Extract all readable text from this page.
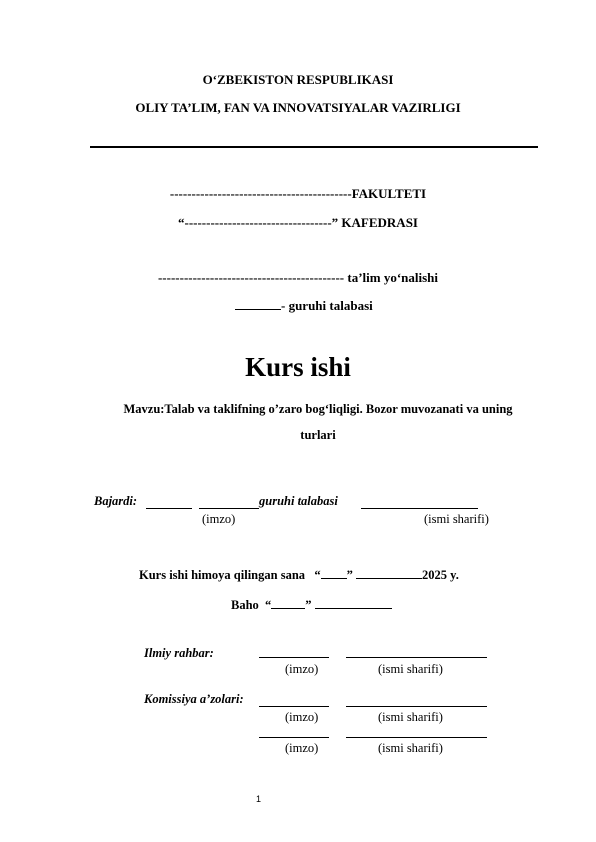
O‘ZBEKISTON RESPUBLIKASI
OLIY TA’LIM, FAN VA INNOVATSIYALAR VAZIRLIGI
------------------------------------------FAKULTETI
“----------------------------------” KAFEDRASI
------------------------------------------- ta’lim yo‘nalishi
- guruhi talabasi
Kurs ishi
Mavzu:Talab va taklifning o’zaro bog‘liqligi. Bozor muvozanati va uning
turlari
Bajardi:	guruhi talabasi
(imzo)	(ismi sharifi)
Kurs ishi himoya qilingan sana   “ ”	2025 y.
Baho  “	”
Ilmiy rahbar:
(imzo)	(ismi sharifi)
Komissiya a’zolari:
(imzo)	(ismi sharifi)
(imzo)	(ismi sharifi)
1
